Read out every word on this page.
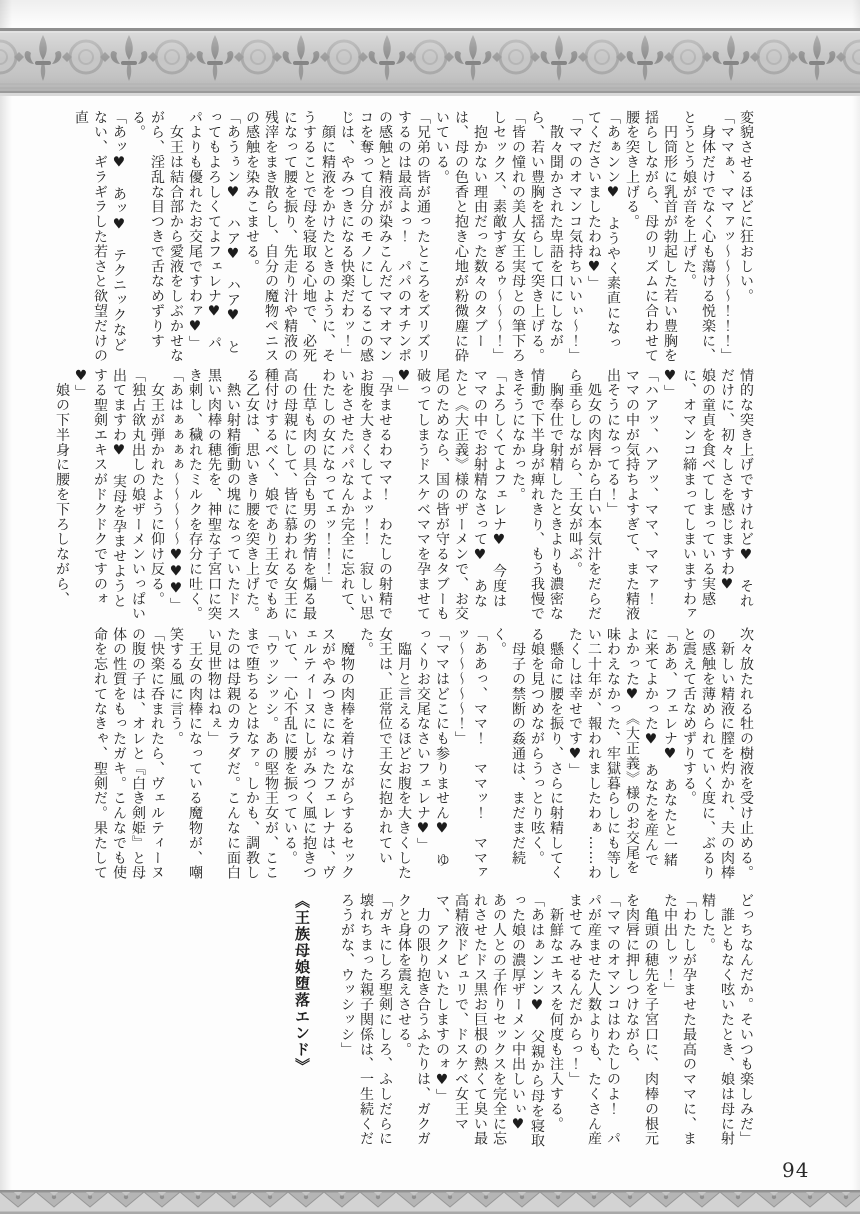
変貌させるほどに狂おしい。

「ママぁ、ママァッ〜〜〜〜！！！」

　身体だけでなく心も蕩ける悦楽に、とうとう娘が音を上げた。

　円筒形に乳首が勃起した若い豊胸を揺らしながら、母のリズムに合わせて腰を突き上げる。

「あぁンン♥　ようやく素直になってくださいましたわね♥」

「ママのオマンコ気持ちいいぃ〜！」

　散々聞かされた卑語を口にしながら、若い豊胸を揺らして突き上げる。

「皆の憧れの美人女王実母との筆下ろしセックス、素敵すぎるゥ〜〜〜！」

　抱かない理由だった数々のタブーは、母の色香と抱き心地が粉微塵に砕いている。

「兄弟の皆が通ったところをズリズリするのは最高よっ！　パパのオチンポの感触と精液が染みこんだママオマンコを奪って自分のモノにしてるこの感じは、やみつきになる快楽だわッ！」

　顔に精液をかけたときのように、そうすることで母を寝取る心地で、必死になって腰を振り、先走り汁や精液の残滓をまき散らし、自分の魔物ペニスの感触を染みこませる。

「あうぅン♥　ハア♥　ハア♥　とってもよろしくてよフェレナ♥　パパよりも優れたお交尾ですわァ♥」

　女王は結合部から愛液をしぶかせながら、淫乱な目つきで舌なめずりする。

「あッ♥　あッ♥　テクニックなどない、ギラギラした若さと欲望だけの直

情的な突き上げですけれど♥　それだけに、初々しさを感じますわ♥　娘の童貞を食べてしまっている実感に、オマンコ締まってしまいますわァ♥」

「ハアッ、ハアッ、ママ、ママァ！　ママの中が気持ちよすぎて、また精液出そうになってる！」

　処女の肉唇から白い本気汁をだらだら垂らしながら、王女が叫ぶ。

　胸奉仕で射精したときよりも濃密な情動で下半身が痺れきり、もう我慢できそうになかった。

「よろしくてよフェレナ♥　今度はママの中でお射精なさって♥　あなたと《大正義》様のザーメンで、お交尾のためなら、国の皆が守るタブーも破ってしまうドスケベママを孕ませて♥」

「孕ませるわママ！　わたしの射精でお腹を大きくしてよッ！！　寂しい思いをさせたパパなんか完全に忘れて、わたしの女になってェッ！！！」

　仕草も肉の具合も男の劣情を煽る最高の母親にして、皆に慕われる女王に種付けするべく、娘であり王女でもある乙女は、思いきり腰を突き上げた。

　熱い射精衝動の塊になっていたドス黒い肉棒の穂先を、神聖な子宮口に突き刺し、穢れたミルクを存分に吐く。

「あはぁぁぁぁ〜〜〜〜〜♥♥♥」

　女王が弾かれたように仰け反る。

「独占欲丸出しの娘ザーメンいっぱい出てますわ♥　実母を孕ませようとする聖剣エキスがドクドクですのォ♥」

　娘の下半身に腰を下ろしながら、

次々放たれる牡の樹液を受け止める。

　新しい精液に膣を灼かれ、夫の肉棒の感触を薄められていく度に、ぶるりと震えて舌なめずりする。

「ああ、フェレナ♥　あなたと一緒に来てよかった♥　あなたを産んでよかった♥　《大正義》様のお交尾を味わえなかった、牢獄暮らしにも等しい二十年が、報われましたわぁ……わたくしは幸せです♥」

　懸命に腰を振り、さらに射精してくる娘を見つめながらうっとり呟く。

　母子の禁断の姦通は、まだまだ続く。

「ああっ、ママ！　ママッ！　ママァッ〜〜〜〜〜！」

「ママはどこにも参りません♥　ゆっくりお交尾なさいフェレナ♥」

　臨月と言えるほどお腹を大きくした女王は、正常位で王女に抱かれていた。

　魔物の肉棒を着けながらするセックスがやみつきになったフェレナは、ヴェルティーヌにしがみつく風に抱きついて、一心不乱に腰を振っている。

「ウッシッシ。あの堅物王女が、ここまで堕ちるとはなァ。しかも、調教したのは母親のカラダだ。こんなに面白い見世物はねぇ」

　王女の肉棒になっている魔物が、嘲笑する風に言う。

「快楽に呑まれたら、ヴェルティーヌの腹の子は、オレと『白き剣姫』と母体の性質をもったガキ。こんなでも使命を忘れてなきゃ、聖剣だ。果たして

どっちなんだか。そいつも楽しみだ」

　誰ともなく呟いたとき、娘は母に射精した。

「わたしが孕ませた最高のママに、また中出しッ！」

　亀頭の穂先を子宮口に、肉棒の根元を肉唇に押しつけながら、

「ママのオマンコはわたしのよ！　パパが産ませた人数よりも、たくさん産ませてみせるんだからっ！」

　新鮮なエキスを何度も注入する。

「あはぁンンン♥　父親から母を寝取った娘の濃厚ザーメン中出しいぃ♥　あの人との子作りセックスを完全に忘れさせたドス黒お巨根の熱くて臭い最高精液ドビュリで、ドスケベ女王ママ、アクメいたしますのォ♥」

　力の限り抱き合うふたりは、ガクガクと身体を震えさせる。

「ガキにしろ聖剣にしろ、ふしだらに壊れちまった親子関係は、一生続くだろうがな、ウッシッシ」

《王族母娘堕落エンド》

94
